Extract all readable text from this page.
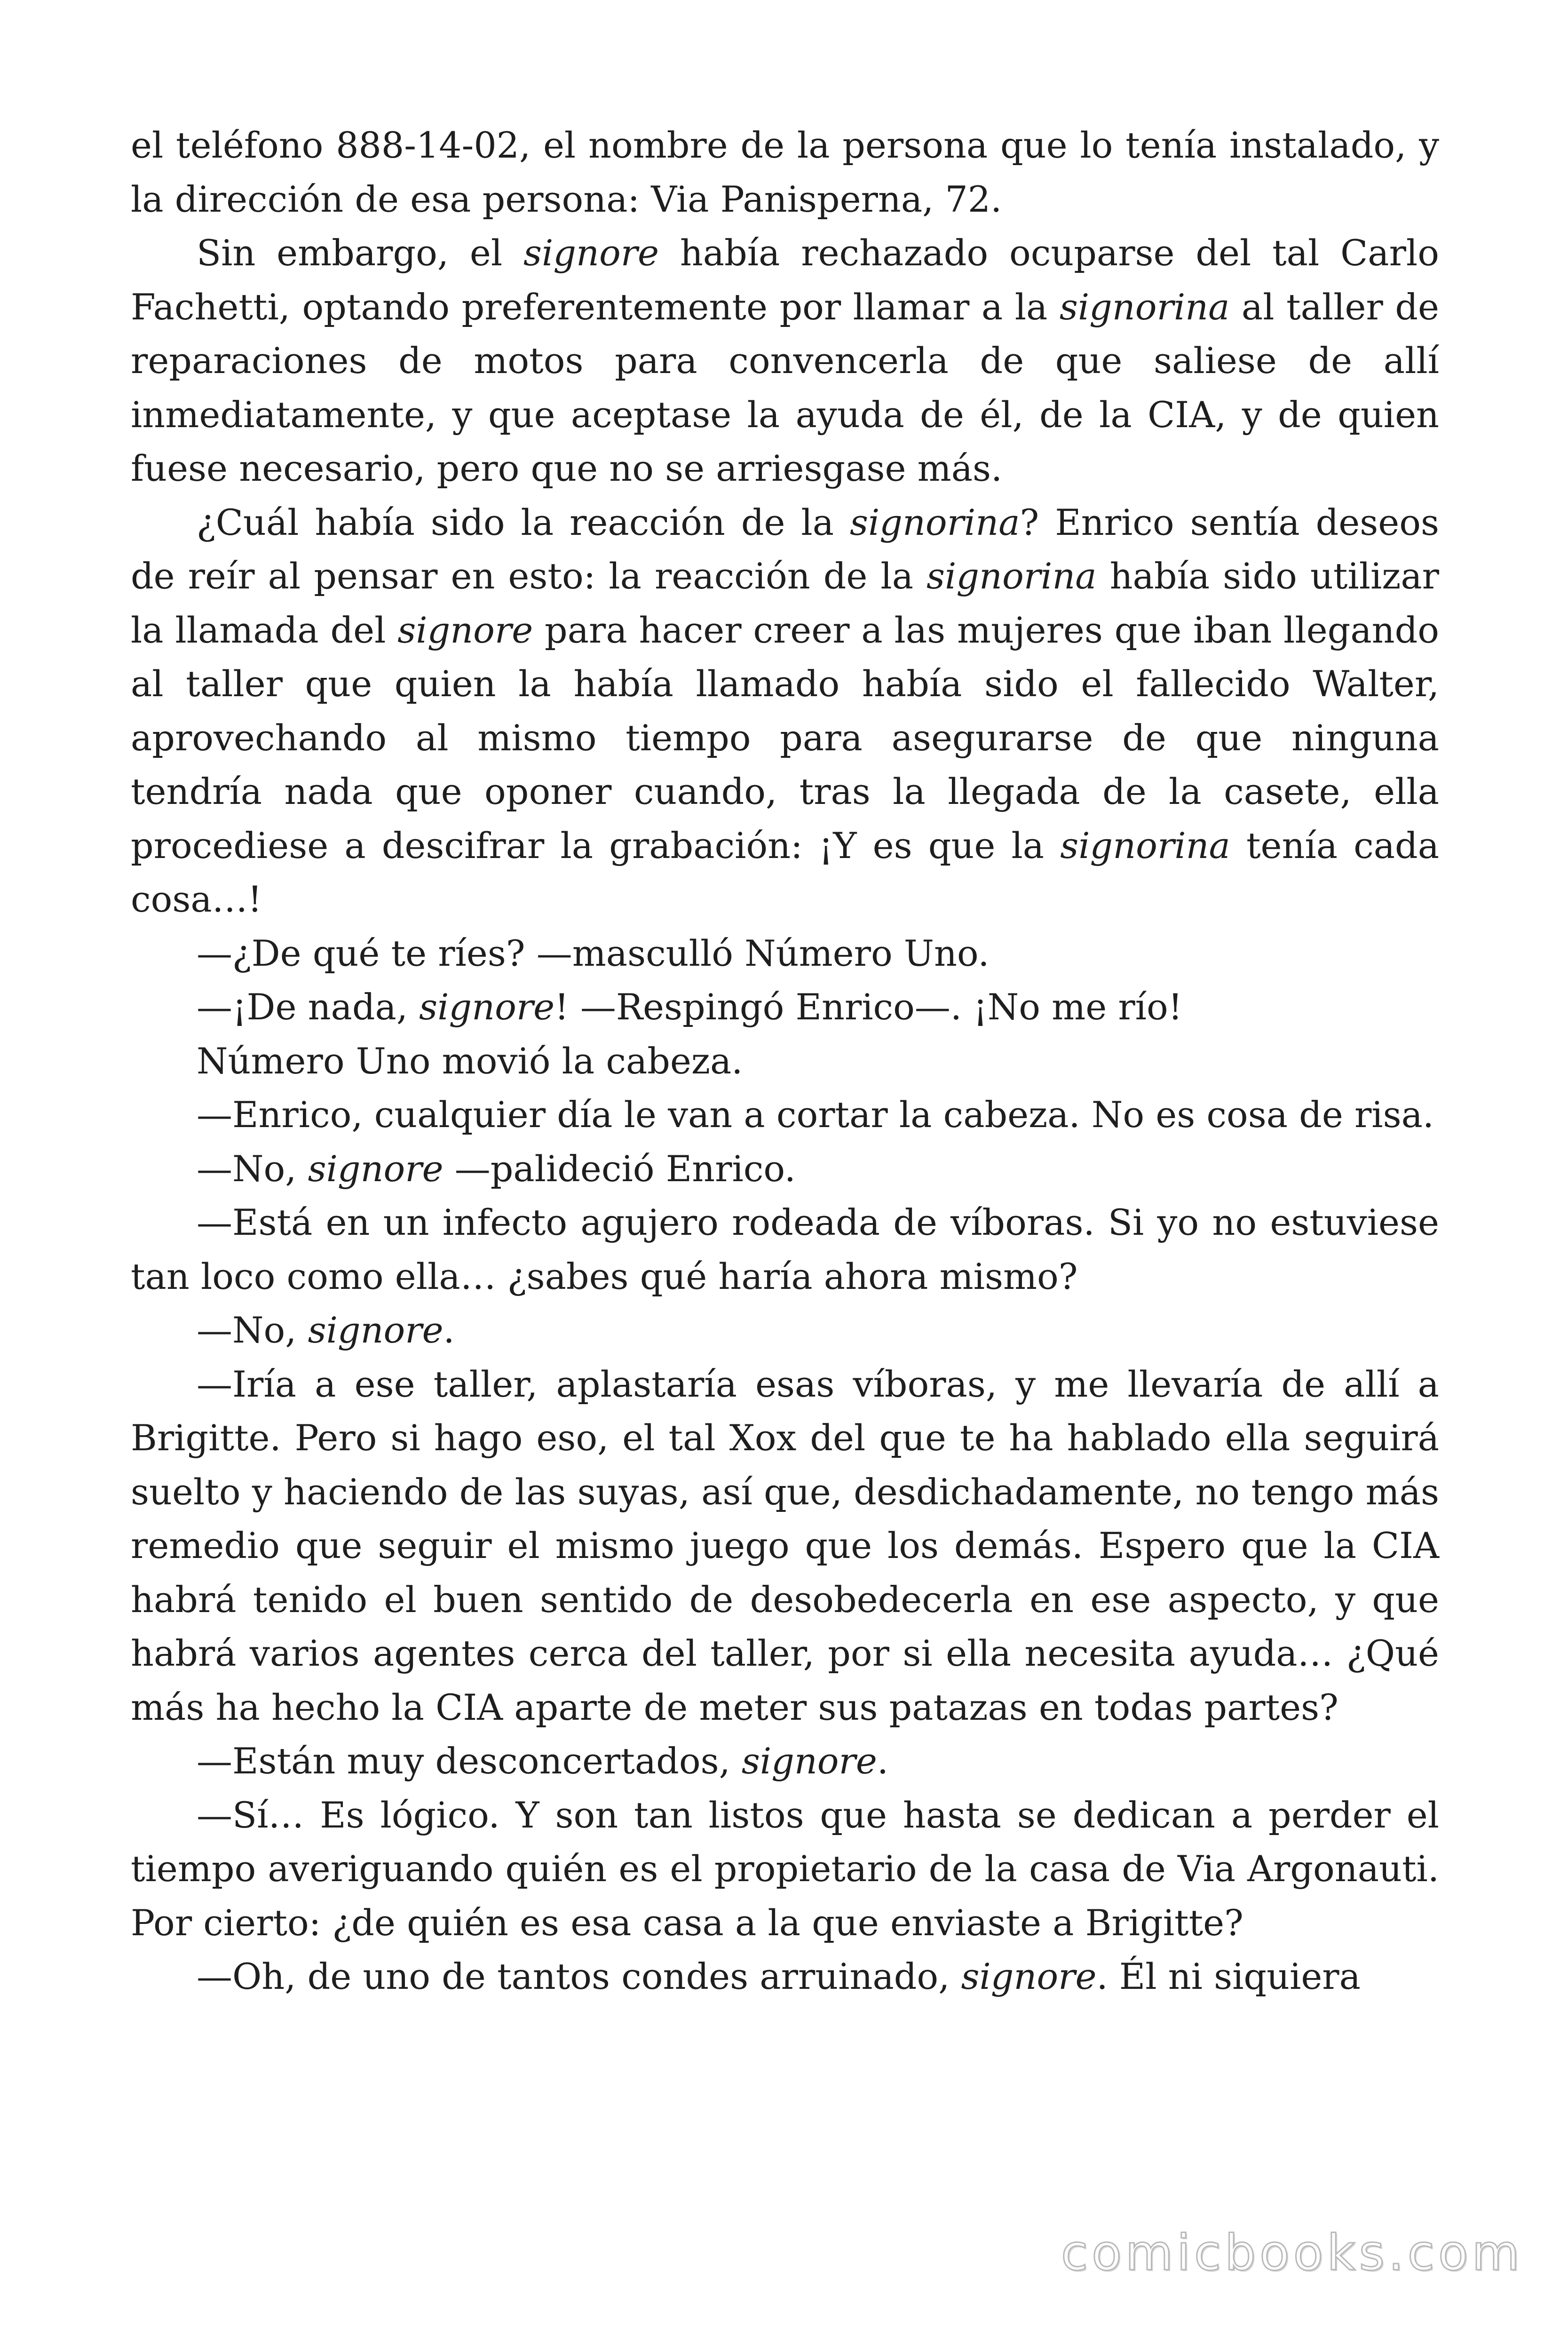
el teléfono 888-14-02, el nombre de la persona que lo tenía instalado, y la dirección de esa persona: Via Panisperna, 72.

Sin embargo, el signore había rechazado ocuparse del tal Carlo Fachetti, optando preferentemente por llamar a la signorina al taller de reparaciones de motos para convencerla de que saliese de allí inmediatamente, y que aceptase la ayuda de él, de la CIA, y de quien fuese necesario, pero que no se arriesgase más.

¿Cuál había sido la reacción de la signorina? Enrico sentía deseos de reír al pensar en esto: la reacción de la signorina había sido utilizar la llamada del signore para hacer creer a las mujeres que iban llegando al taller que quien la había llamado había sido el fallecido Walter, aprovechando al mismo tiempo para asegurarse de que ninguna tendría nada que oponer cuando, tras la llegada de la casete, ella procediese a descifrar la grabación: ¡Y es que la signorina tenía cada cosa…!

—¿De qué te ríes? —masculló Número Uno.

—¡De nada, signore! —Respingó Enrico—. ¡No me río!

Número Uno movió la cabeza.

—Enrico, cualquier día le van a cortar la cabeza. No es cosa de risa.

—No, signore —palideció Enrico.

—Está en un infecto agujero rodeada de víboras. Si yo no estuviese tan loco como ella… ¿sabes qué haría ahora mismo?

—No, signore.

—Iría a ese taller, aplastaría esas víboras, y me llevaría de allí a Brigitte. Pero si hago eso, el tal Xox del que te ha hablado ella seguirá suelto y haciendo de las suyas, así que, desdichadamente, no tengo más remedio que seguir el mismo juego que los demás. Espero que la CIA habrá tenido el buen sentido de desobedecerla en ese aspecto, y que habrá varios agentes cerca del taller, por si ella necesita ayuda… ¿Qué más ha hecho la CIA aparte de meter sus patazas en todas partes?

—Están muy desconcertados, signore.

—Sí… Es lógico. Y son tan listos que hasta se dedican a perder el tiempo averiguando quién es el propietario de la casa de Via Argonauti. Por cierto: ¿de quién es esa casa a la que enviaste a Brigitte?

—Oh, de uno de tantos condes arruinado, signore. Él ni siquiera

comicbooks.com
